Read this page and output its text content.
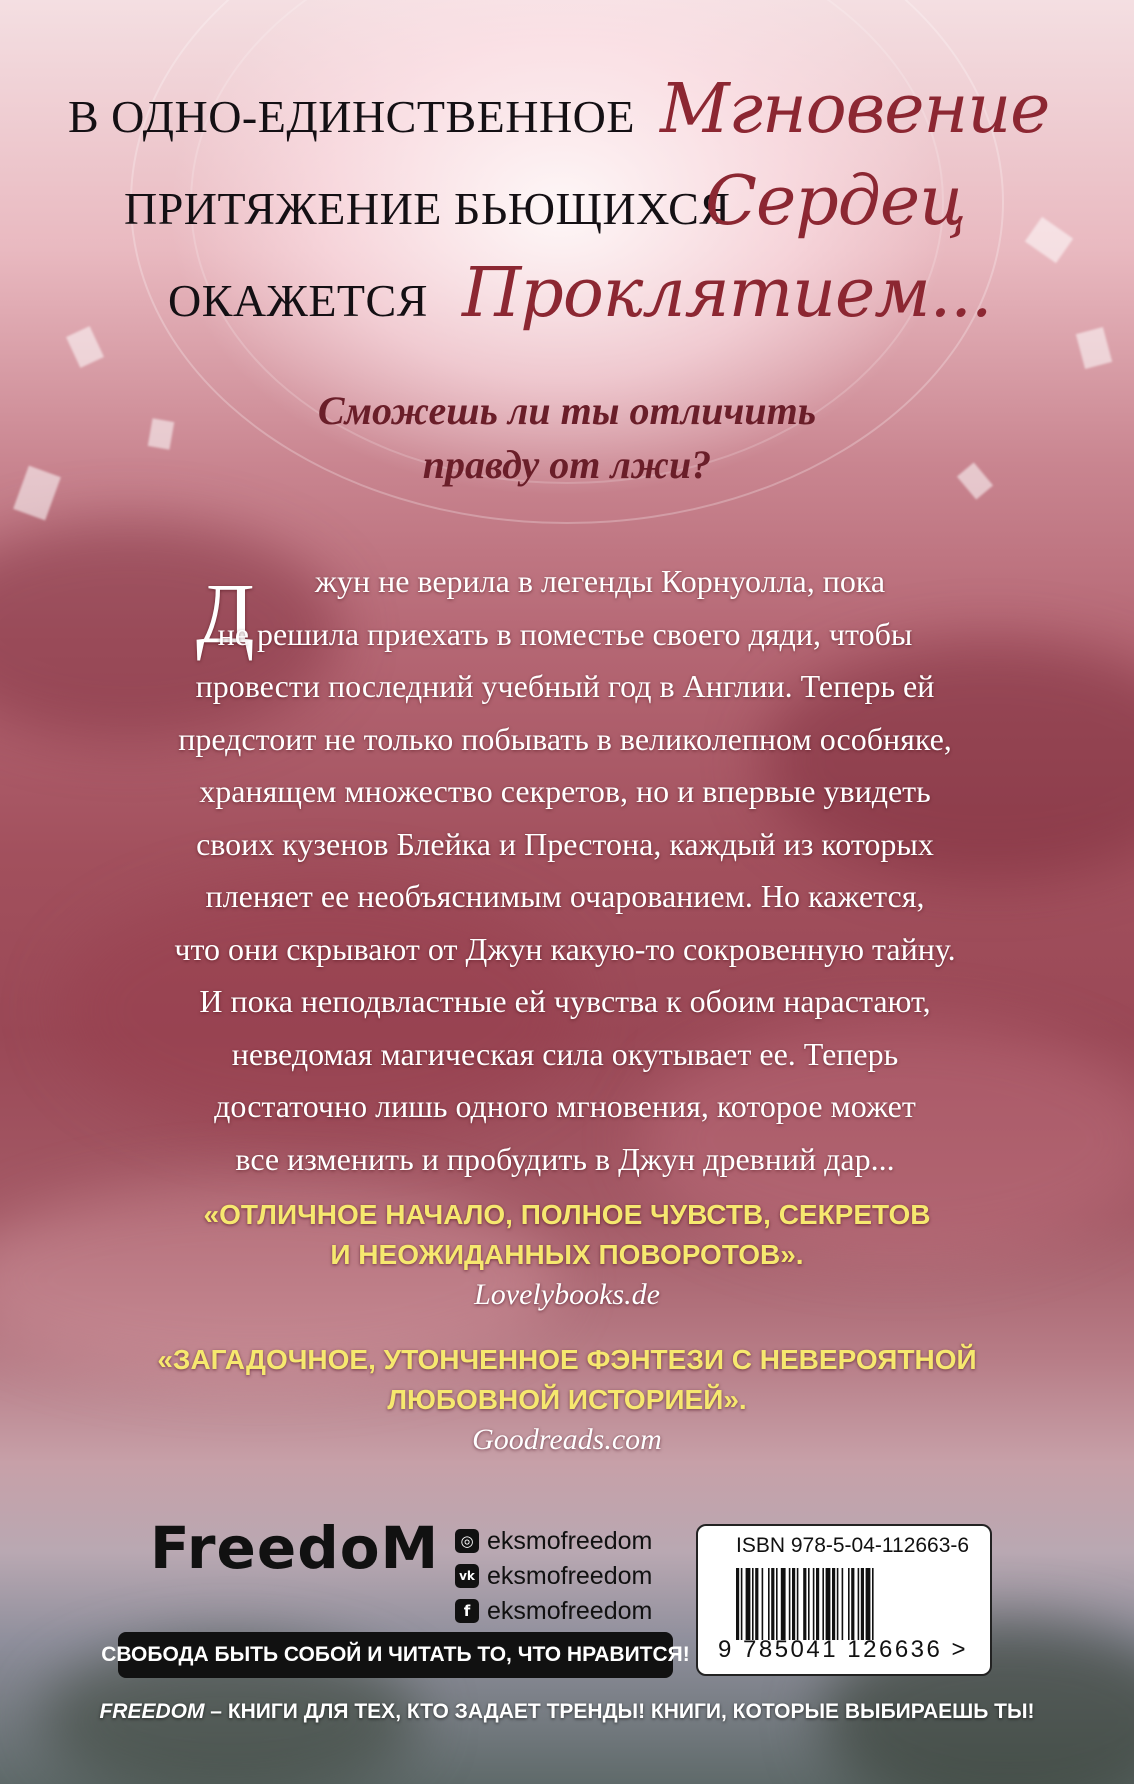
В ОДНО-ЕДИНСТВЕННОЕ Мгновение
ПРИТЯЖЕНИЕ БЬЮЩИХСЯ
Сердец
ОКАЖЕТСЯ Проклятием...
Сможешь ли ты отличить
правду от лжи?
Д	жун не верила в легенды Корнуолла, пока
не решила приехать в поместье своего дяди, чтобы
провести последний учебный год в Англии. Теперь ей
предстоит не только побывать в великолепном особняке,
хранящем множество секретов, но и впервые увидеть
своих кузенов Блейка и Престона, каждый из которых
пленяет ее необъяснимым очарованием. Но кажется,
что они скрывают от Джун какую-то сокровенную тайну.
И пока неподвластные ей чувства к обоим нарастают,
неведомая магическая сила окутывает ее. Теперь
достаточно лишь одного мгновения, которое может
все изменить и пробудить в Джун древний дар...
«ОТЛИЧНОЕ НАЧАЛО, ПОЛНОЕ ЧУВСТВ, СЕКРЕТОВ
И НЕОЖИДАННЫХ ПОВОРОТОВ».
Lovelybooks.de
«ЗАГАДОЧНОЕ, УТОНЧЕННОЕ ФЭНТЕЗИ С НЕВЕРОЯТНОЙ
ЛЮБОВНОЙ ИСТОРИЕЙ».
Goodreads.com
FreedoM	◎ eksmofreedom
vk eksmofreedom
f eksmofreedom
ISBN 978-5-04-112663-6
9 785041 126636 >
СВОБОДА БЫТЬ СОБОЙ И ЧИТАТЬ ТО, ЧТО НРАВИТСЯ!
FREEDOM – КНИГИ ДЛЯ ТЕХ, КТО ЗАДАЕТ ТРЕНДЫ! КНИГИ, КОТОРЫЕ ВЫБИРАЕШЬ ТЫ!
